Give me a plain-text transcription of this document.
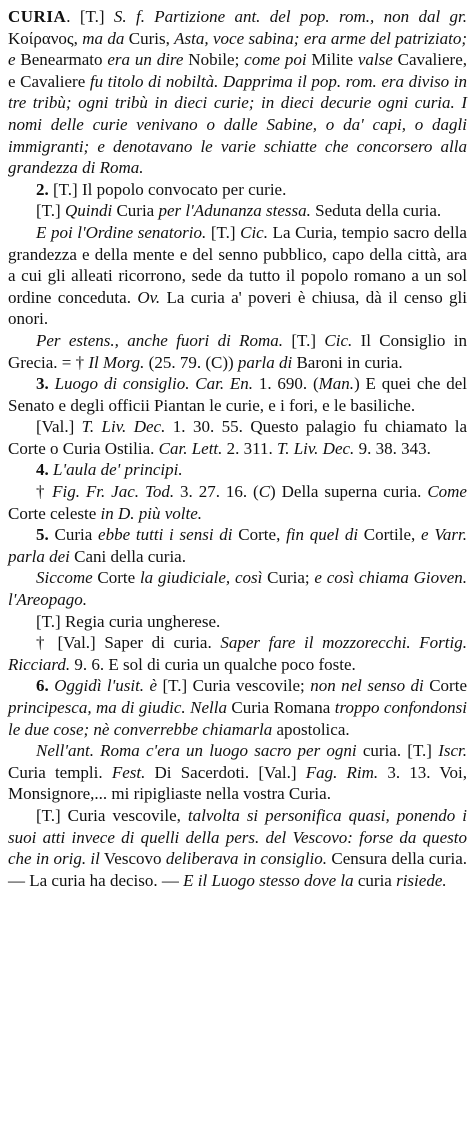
CURIA. [T.] S. f. Partizione ant. del pop. rom., non dal gr. Κοίρανος, ma da Curis, Asta, voce sabina; era arme del patriziato; e Benearmato era un dire Nobile; come poi Milite valse Cavaliere, e Cavaliere fu titolo di nobiltà. Dapprima il pop. rom. era diviso in tre tribù; ogni tribù in dieci curie; in dieci decurie ogni curia. I nomi delle curie venivano o dalle Sabine, o da' capi, o dagli immigranti; e denotavano le varie schiatte che concorsero alla grandezza di Roma.

2. [T.] Il popolo convocato per curie.

[T.] Quindi Curia per l'Adunanza stessa. Seduta della curia.

E poi l'Ordine senatorio. [T.] Cic. La Curia, tempio sacro della grandezza e della mente e del senno pubblico, capo della città, ara a cui gli alleati ricorrono, sede da tutto il popolo romano a un sol ordine conceduta. Ov. La curia a' poveri è chiusa, dà il censo gli onori.

Per estens., anche fuori di Roma. [T.] Cic. Il Consiglio in Grecia. = † Il Morg. (25. 79. (C)) parla di Baroni in curia.

3. Luogo di consiglio. Car. En. 1. 690. (Man.) E quei che del Senato e degli officii Piantan le curie, e i fori, e le basiliche.

[Val.] T. Liv. Dec. 1. 30. 55. Questo palagio fu chiamato la Corte o Curia Ostilia. Car. Lett. 2. 311. T. Liv. Dec. 9. 38. 343.

4. L'aula de' principi.

† Fig. Fr. Jac. Tod. 3. 27. 16. (C) Della superna curia. Come Corte celeste in D. più volte.

5. Curia ebbe tutti i sensi di Corte, fin quel di Cortile, e Varr. parla dei Cani della curia.

Siccome Corte la giudiciale, così Curia; e così chiama Gioven. l'Areopago.

[T.] Regia curia ungherese.

† [Val.] Saper di curia. Saper fare il mozzorecchi. Fortig. Ricciard. 9. 6. E sol di curia un qualche poco foste.

6. Oggidì l'usit. è [T.] Curia vescovile; non nel senso di Corte principesca, ma di giudic. Nella Curia Romana troppo confondonsi le due cose; nè converrebbe chiamarla apostolica.

Nell'ant. Roma c'era un luogo sacro per ogni curia. [T.] Iscr. Curia templi. Fest. Di Sacerdoti. [Val.] Fag. Rim. 3. 13. Voi, Monsignore,... mi ripigliaste nella vostra Curia.

[T.] Curia vescovile, talvolta si personifica quasi, ponendo i suoi atti invece di quelli della pers. del Vescovo: forse da questo che in orig. il Vescovo deliberava in consiglio. Censura della curia. — La curia ha deciso. — E il Luogo stesso dove la curia risiede.
